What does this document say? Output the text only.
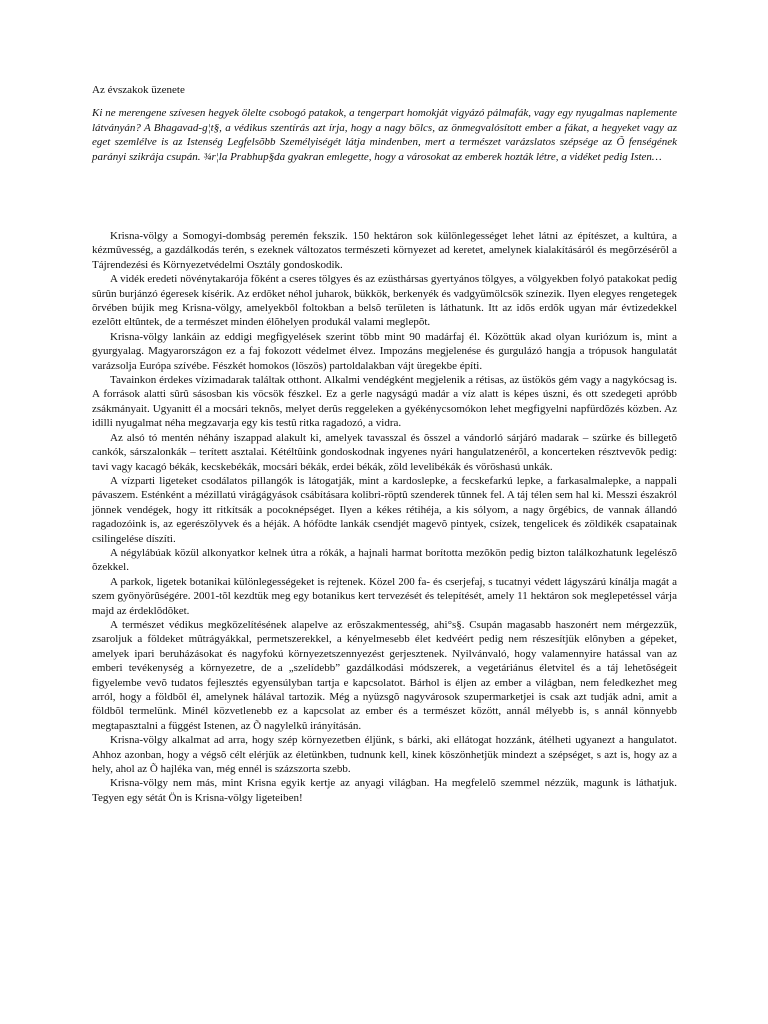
Az évszakok üzenete

Ki ne merengene szívesen hegyek ölelte csobogó patakok, a tengerpart homokját vigyázó pálmafák, vagy egy nyugalmas naplemente látványán? A Bhagavad-g¦t§, a védikus szentírás azt írja, hogy a nagy bölcs, az önmegvalósított ember a fákat, a hegyeket vagy az eget szemlélve is az Istenség Legfelsõbb Személyiségét látja mindenben, mert a természet varázslatos szépsége az Õ fenségének parányi szikrája csupán. ¾r¦la Prabhup§da gyakran emlegette, hogy a városokat az emberek hozták létre, a vidéket pedig Isten…

Krisna-völgy a Somogyi-dombság peremén fekszik. 150 hektáron sok különlegességet lehet látni az építészet, a kultúra, a kézmûvesség, a gazdálkodás terén, s ezeknek változatos természeti környezet ad keretet, amelynek kialakításáról és megõrzésérõl a Tájrendezési és Környezetvédelmi Osztály gondoskodik.

A vidék eredeti növénytakarója fõként a cseres tölgyes és az ezüsthársas gyertyános tölgyes, a völgyekben folyó patakokat pedig sûrûn burjánzó égeresek kísérik. Az erdõket néhol juharok, bükkök, berkenyék és vadgyümölcsök színezik. Ilyen elegyes rengetegek õrvében bújik meg Krisna-völgy, amelyekbõl foltokban a belsõ területen is láthatunk. Itt az idõs erdõk ugyan már évtizedekkel ezelõtt eltûntek, de a természet minden élõhelyen produkál valami meglepõt.

Krisna-völgy lankáin az eddigi megfigyelések szerint több mint 90 madárfaj él. Közöttük akad olyan kuriózum is, mint a gyurgyalag. Magyarországon ez a faj fokozott védelmet élvez. Impozáns megjelenése és gurgulázó hangja a trópusok hangulatát varázsolja Európa szívébe. Fészkét homokos (löszös) partoldalakban vájt üregekbe építi.

Tavainkon érdekes vízimadarak találtak otthont. Alkalmi vendégként megjelenik a rétisas, az üstökös gém vagy a nagykócsag is. A források alatti sûrû sásosban kis vöcsök fészkel. Ez a gerle nagyságú madár a víz alatt is képes úszni, és ott szedegeti apróbb zsákmányait. Ugyanitt él a mocsári teknõs, melyet derûs reggeleken a gyékénycsomókon lehet megfigyelni napfürdõzés közben. Az idilli nyugalmat néha megzavarja egy kis testû ritka ragadozó, a vidra.

Az alsó tó mentén néhány iszappad alakult ki, amelyek tavasszal és õsszel a vándorló sárjáró madarak – szürke és billegetõ cankók, sárszalonkák – terített asztalai. Kétéltûink gondoskodnak ingyenes nyári hangulatzenérõl, a koncerteken résztvevõk pedig: tavi vagy kacagó békák, kecskebékák, mocsári békák, erdei békák, zöld levelibékák és vöröshasú unkák.

A vízparti ligeteket csodálatos pillangók is látogatják, mint a kardoslepke, a fecskefarkú lepke, a farkasalmalepke, a nappali pávaszem. Esténként a mézillatú virágágyások csábításara kolibri-röptû szenderek tûnnek fel. A táj télen sem hal ki. Messzi északról jönnek vendégek, hogy itt ritkítsák a pocoknépséget. Ilyen a kékes rétihéja, a kis sólyom, a nagy õrgébics, de vannak állandó ragadozóink is, az egerészölyvek és a héják. A hófödte lankák csendjét magevõ pintyek, csízek, tengelicek és zöldikék csapatainak csilingelése díszíti.

A négylábúak közül alkonyatkor kelnek útra a rókák, a hajnali harmat borította mezõkön pedig bizton találkozhatunk legelészõ õzekkel.

A parkok, ligetek botanikai különlegességeket is rejtenek. Közel 200 fa- és cserjefaj, s tucatnyi védett lágyszárú kínálja magát a szem gyönyörûségére. 2001-tõl kezdtük meg egy botanikus kert tervezését és telepítését, amely 11 hektáron sok meglepetéssel várja majd az érdeklõdõket.

A természet védikus megközelítésének alapelve az erõszakmentesség, ahi°s§. Csupán magasabb haszonért nem mérgezzük, zsaroljuk a földeket mûtrágyákkal, permetszerekkel, a kényelmesebb élet kedvéért pedig nem részesítjük elõnyben a gépeket, amelyek ipari beruházásokat és nagyfokú környezetszennyezést gerjesztenek. Nyilvánvaló, hogy valamennyire hatással van az emberi tevékenység a környezetre, de a „szelídebb” gazdálkodási módszerek, a vegetáriánus életvitel és a táj lehetõségeit figyelembe vevõ tudatos fejlesztés egyensúlyban tartja e kapcsolatot. Bárhol is éljen az ember a világban, nem feledkezhet meg arról, hogy a földbõl él, amelynek hálával tartozik. Még a nyüzsgõ nagyvárosok szupermarketjei is csak azt tudják adni, amit a földbõl termelünk. Minél közvetlenebb ez a kapcsolat az ember és a természet között, annál mélyebb is, s annál könnyebb megtapasztalni a függést Istenen, az Õ nagylelkû irányításán.

Krisna-völgy alkalmat ad arra, hogy szép környezetben éljünk, s bárki, aki ellátogat hozzánk, átélheti ugyanezt a hangulatot. Ahhoz azonban, hogy a végsõ célt elérjük az életünkben, tudnunk kell, kinek köszönhetjük mindezt a szépséget, s azt is, hogy az a hely, ahol az Õ hajléka van, még ennél is százszorta szebb.

Krisna-völgy nem más, mint Krisna egyik kertje az anyagi világban. Ha megfelelõ szemmel nézzük, magunk is láthatjuk. Tegyen egy sétát Ön is Krisna-völgy ligeteiben!
